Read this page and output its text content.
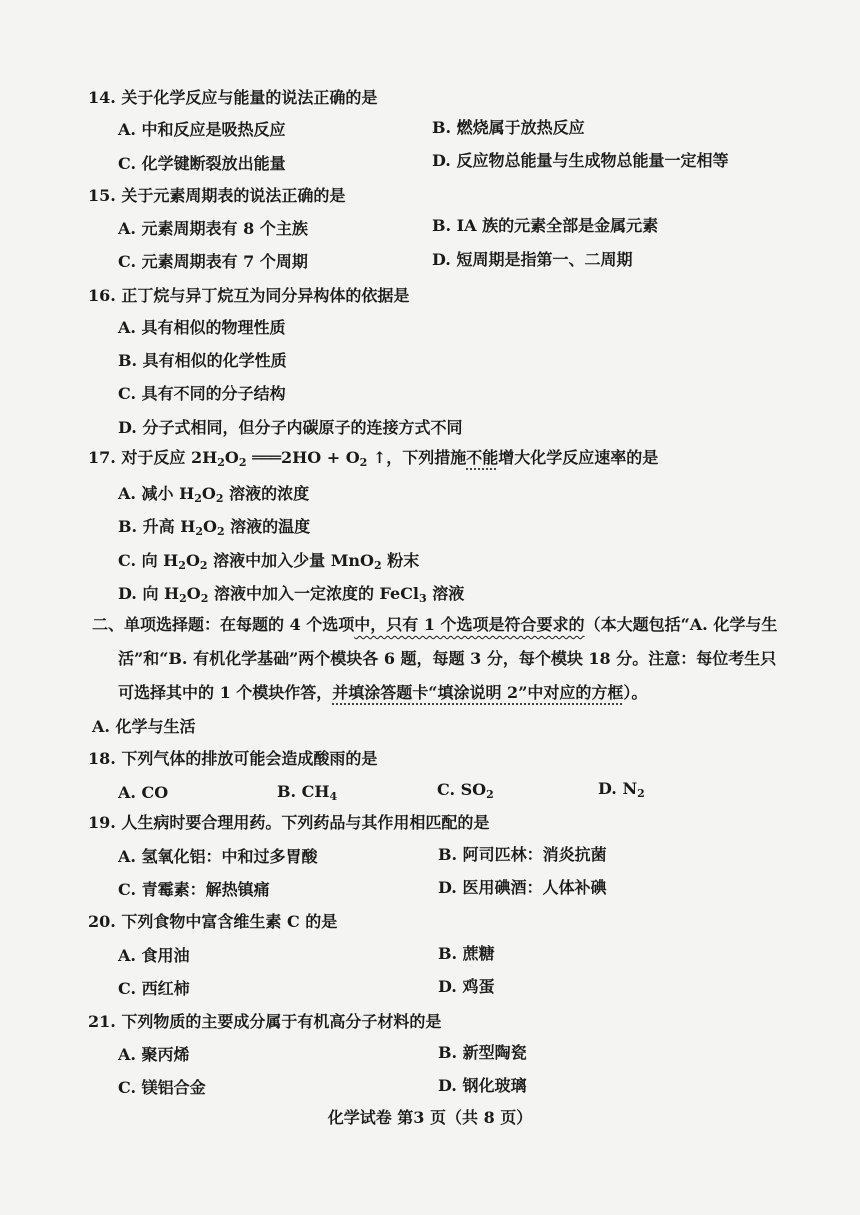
14. 关于化学反应与能量的说法正确的是
A. 中和反应是吸热反应	B. 燃烧属于放热反应
C. 化学键断裂放出能量	D. 反应物总能量与生成物总能量一定相等
15. 关于元素周期表的说法正确的是
A. 元素周期表有 8 个主族	B. IA 族的元素全部是金属元素
C. 元素周期表有 7 个周期	D. 短周期是指第一、二周期
16. 正丁烷与异丁烷互为同分异构体的依据是
A. 具有相似的物理性质
B. 具有相似的化学性质
C. 具有不同的分子结构
D. 分子式相同，但分子内碳原子的连接方式不同
17. 对于反应 $2H_2O_2$ ═══2HO + $O_2$ ↑，下列措施不能增大化学反应速率的是
A. 减小 $H_2O_2$ 溶液的浓度
B. 升高 $H_2O_2$ 溶液的温度
C. 向 $H_2O_2$ 溶液中加入少量 MnO$_2$ 粉末
D. 向 $H_2O_2$ 溶液中加入一定浓度的 FeCl$_3$ 溶液
二、单项选择题：在每题的 4 个选项中，只有 1 个选项是符合要求的（本大题包括“A. 化学与生
活”和“B. 有机化学基础”两个模块各 6 题，每题 3 分，每个模块 18 分。注意：每位考生只
可选择其中的 1 个模块作答，并填涂答题卡“填涂说明 2”中对应的方框）。
A. 化学与生活
18. 下列气体的排放可能会造成酸雨的是
A. CO	B. $CH_4$	C. $SO_2$	D. $N_2$
19. 人生病时要合理用药。下列药品与其作用相匹配的是
A. 氢氧化铝：中和过多胃酸	B. 阿司匹林：消炎抗菌
C. 青霉素：解热镇痛	D. 医用碘酒：人体补碘
20. 下列食物中富含维生素 C 的是
A. 食用油	B. 蔗糖
C. 西红柿	D. 鸡蛋
21. 下列物质的主要成分属于有机高分子材料的是
A. 聚丙烯	B. 新型陶瓷
C. 镁铝合金	D. 钢化玻璃
化学试卷 第3 页（共 8 页）
